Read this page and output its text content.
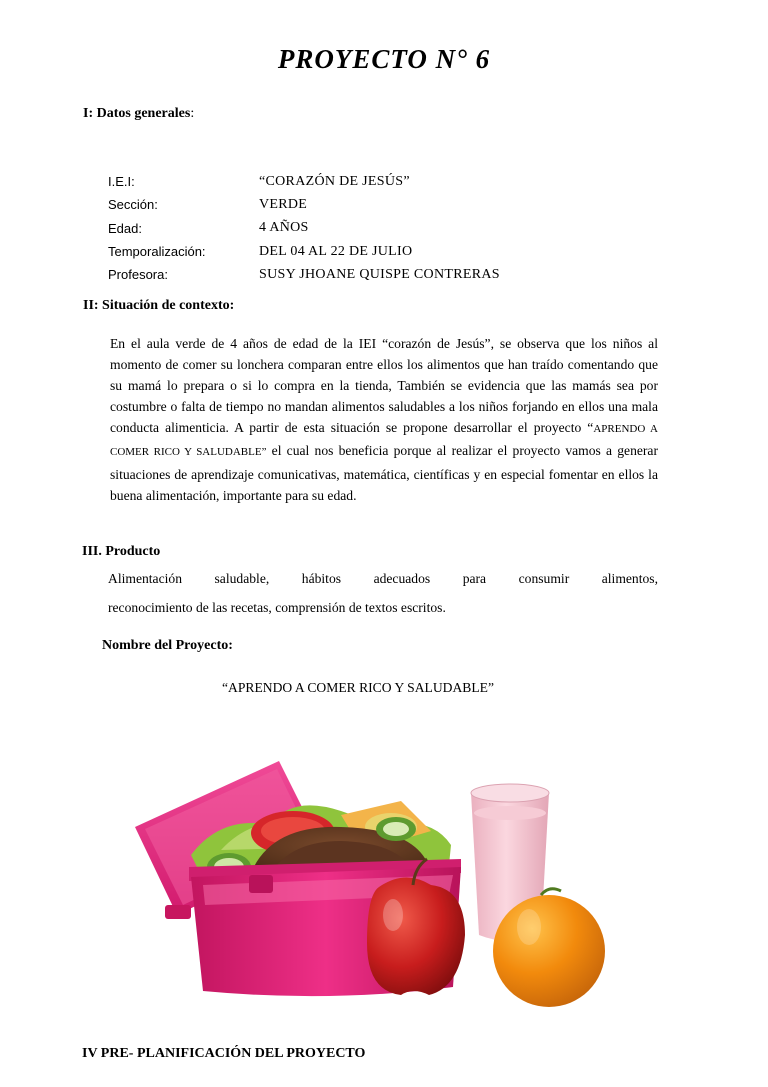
PROYECTO N° 6
I: Datos generales:
I.E.I:	“CORAZÓN DE JESÚS”
Sección:	VERDE
Edad:	4 AÑOS
Temporalización:	DEL 04 AL 22 DE JULIO
Profesora:	SUSY JHOANE QUISPE CONTRERAS
II: Situación de contexto:
En el aula verde de 4 años de edad de la IEI “corazón de Jesús”, se observa que los niños al momento de comer su lonchera comparan entre ellos los alimentos que han traído comentando que su mamá lo prepara o si lo compra en la tienda, También se evidencia que las mamás sea por costumbre o falta de tiempo no mandan alimentos saludables a los niños forjando en ellos una mala conducta alimenticia. A partir de esta situación se propone desarrollar el proyecto “APRENDO A COMER RICO Y SALUDABLE” el cual nos beneficia porque al realizar el proyecto vamos a generar situaciones de aprendizaje comunicativas, matemática, científicas y en especial fomentar en ellos la buena alimentación, importante para su edad.
III. Producto
Alimentación saludable, hábitos adecuados para consumir alimentos,
reconocimiento de las recetas, comprensión de textos escritos.
Nombre del Proyecto:
“APRENDO A COMER RICO Y SALUDABLE”
IV PRE- PLANIFICACIÓN DEL PROYECTO
